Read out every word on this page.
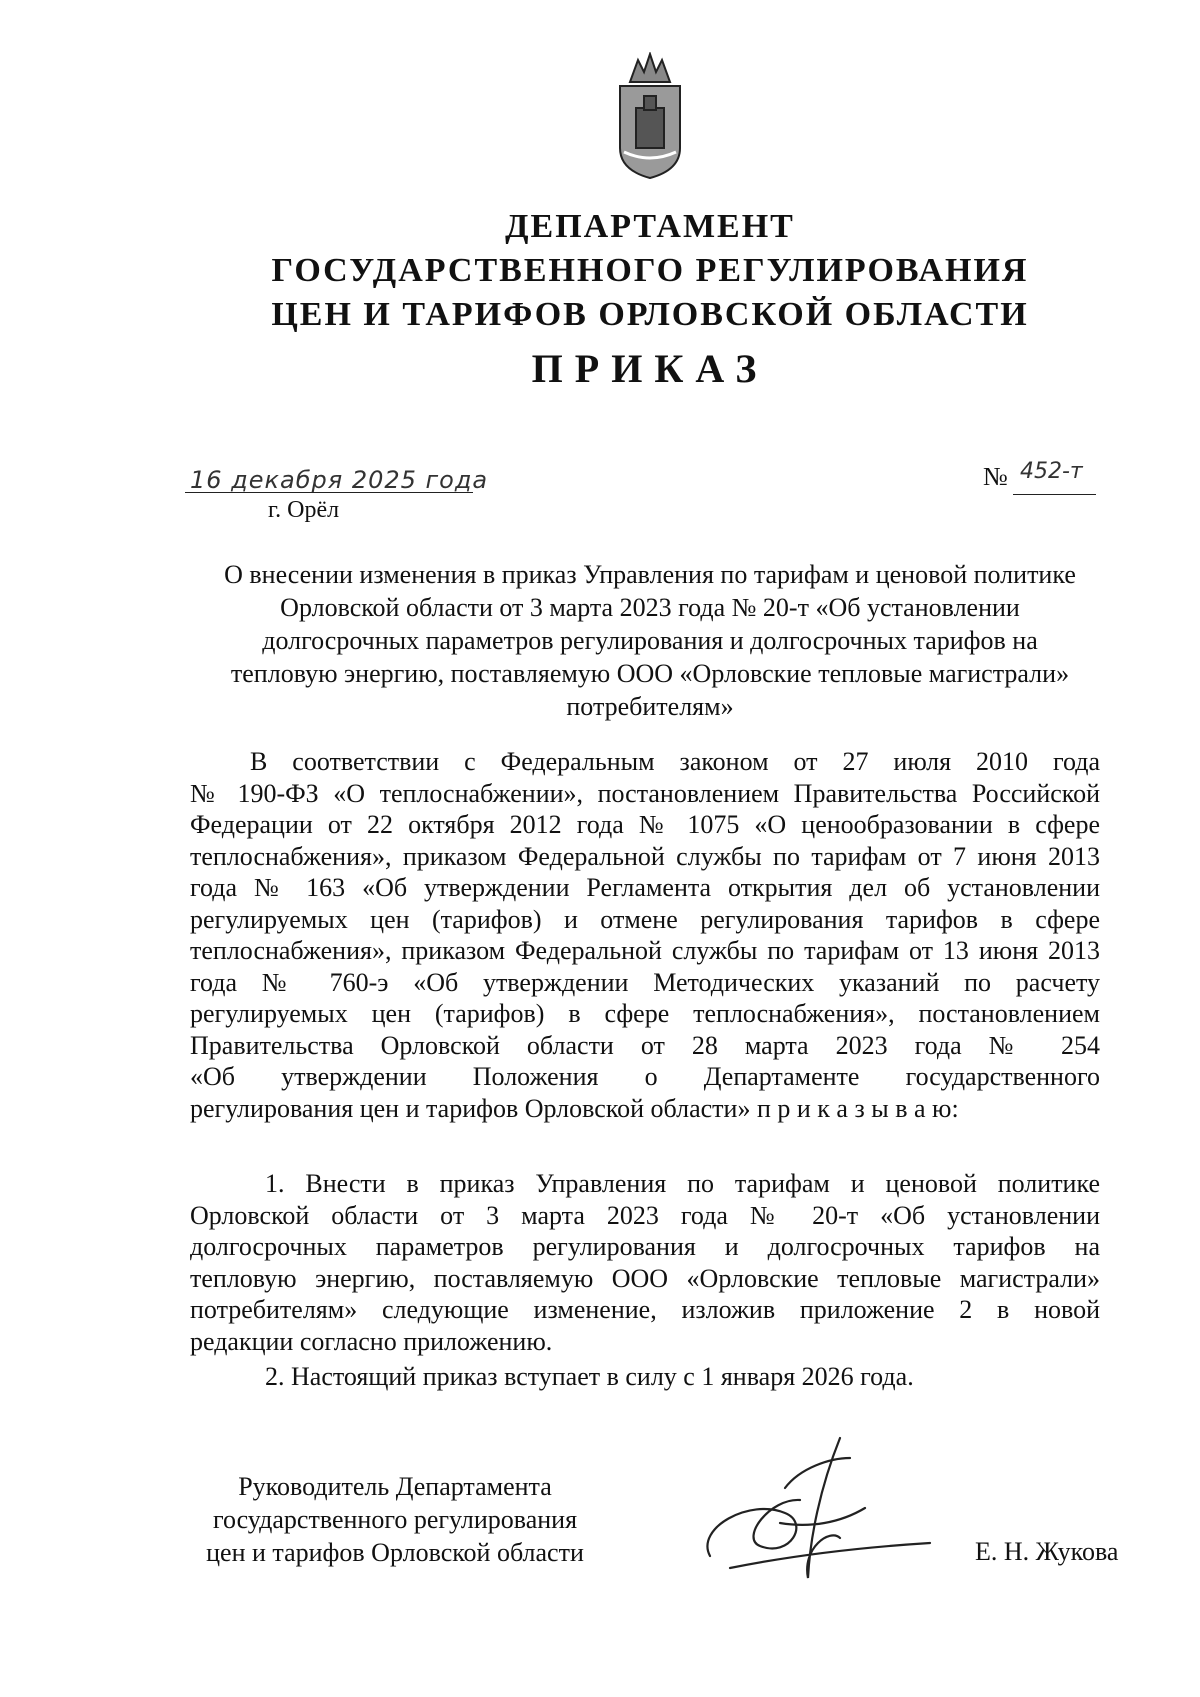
ДЕПАРТАМЕНТ
ГОСУДАРСТВЕННОГО РЕГУЛИРОВАНИЯ
ЦЕН И ТАРИФОВ ОРЛОВСКОЙ ОБЛАСТИ
ПРИКАЗ
16 декабря 2025 года
г. Орёл
№ 452-т
О внесении изменения в приказ Управления по тарифам и ценовой политике
Орловской области от 3 марта 2023 года № 20-т «Об установлении
долгосрочных параметров регулирования и долгосрочных тарифов на
тепловую энергию, поставляемую ООО «Орловские тепловые магистрали»
потребителям»
В соответствии с Федеральным законом от 27 июля 2010 года
№ 190-ФЗ «О теплоснабжении», постановлением Правительства Российской
Федерации от 22 октября 2012 года № 1075 «О ценообразовании в сфере
теплоснабжения», приказом Федеральной службы по тарифам от 7 июня 2013
года № 163 «Об утверждении Регламента открытия дел об установлении
регулируемых цен (тарифов) и отмене регулирования тарифов в сфере
теплоснабжения», приказом Федеральной службы по тарифам от 13 июня 2013
года № 760-э «Об утверждении Методических указаний по расчету
регулируемых цен (тарифов) в сфере теплоснабжения», постановлением
Правительства Орловской области от 28 марта 2023 года № 254
«Об утверждении Положения о Департаменте государственного
регулирования цен и тарифов Орловской области» п р и к а з ы в а ю:
1. Внести в приказ Управления по тарифам и ценовой политике
Орловской области от 3 марта 2023 года № 20-т «Об установлении
долгосрочных параметров регулирования и долгосрочных тарифов на
тепловую энергию, поставляемую ООО «Орловские тепловые магистрали»
потребителям» следующие изменение, изложив приложение 2 в новой
редакции согласно приложению.
2. Настоящий приказ вступает в силу с 1 января 2026 года.
Руководитель Департамента
государственного регулирования
цен и тарифов Орловской области	Е. Н. Жукова
